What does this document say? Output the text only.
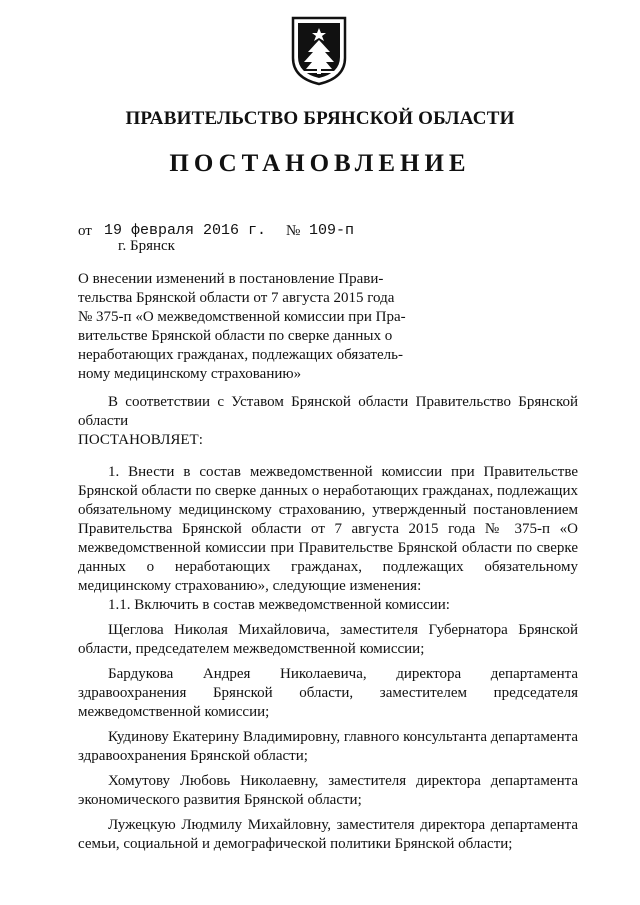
ПРАВИТЕЛЬСТВО БРЯНСКОЙ ОБЛАСТИ
ПОСТАНОВЛЕНИЕ
от 19 февраля 2016 г. № 109-п
г. Брянск
О внесении изменений в постановление Прави-
тельства Брянской области от 7 августа 2015 года
№ 375-п «О межведомственной комиссии при Пра-
вительстве Брянской области по сверке данных о
неработающих гражданах, подлежащих обязатель-
ному медицинскому страхованию»

В соответствии с Уставом Брянской области Правительство Брянской области

ПОСТАНОВЛЯЕТ:

1. Внести в состав межведомственной комиссии при Правительстве Брянской области по сверке данных о неработающих гражданах, подлежащих обязательному медицинскому страхованию, утвержденный постановлением Правительства Брянской области от 7 августа 2015 года № 375-п «О межведомственной комиссии при Правительстве Брянской области по сверке данных о неработающих гражданах, подлежащих обязательному медицинскому страхованию», следующие изменения:

1.1. Включить в состав межведомственной комиссии:

Щеглова Николая Михайловича, заместителя Губернатора Брянской области, председателем межведомственной комиссии;

Бардукова Андрея Николаевича, директора департамента здравоохранения Брянской области, заместителем председателя межведомственной комиссии;

Кудинову Екатерину Владимировну, главного консультанта департамента здравоохранения Брянской области;

Хомутову Любовь Николаевну, заместителя директора департамента экономического развития Брянской области;

Лужецкую Людмилу Михайловну, заместителя директора департамента семьи, социальной и демографической политики Брянской области;
